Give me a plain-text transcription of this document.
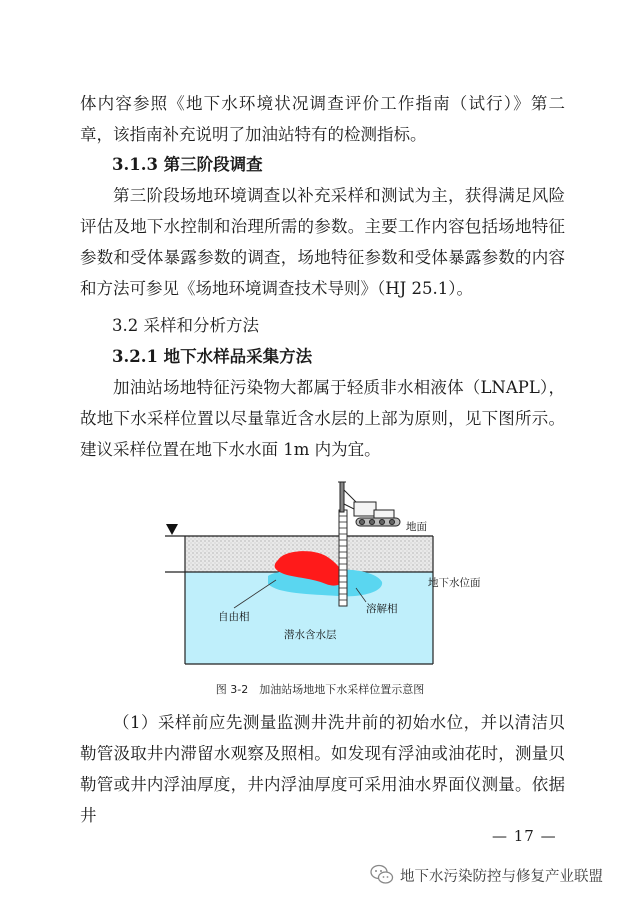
体内容参照《地下水环境状况调查评价工作指南（试行）》第二章，该指南补充说明了加油站特有的检测指标。

3.1.3 第三阶段调查

第三阶段场地环境调查以补充采样和测试为主，获得满足风险评估及地下水控制和治理所需的参数。主要工作内容包括场地特征参数和受体暴露参数的调查，场地特征参数和受体暴露参数的内容和方法可参见《场地环境调查技术导则》（HJ 25.1）。

3.2 采样和分析方法

3.2.1 地下水样品采集方法

加油站场地特征污染物大都属于轻质非水相液体（LNAPL），故地下水采样位置以尽量靠近含水层的上部为原则，见下图所示。建议采样位置在地下水水面 1m 内为宜。

地面
地下水位面
自由相
溶解相
潜水含水层
图 3-2　加油站场地地下水采样位置示意图

（1）采样前应先测量监测井洗井前的初始水位，并以清洁贝勒管汲取井内滞留水观察及照相。如发现有浮油或油花时，测量贝勒管或井内浮油厚度，井内浮油厚度可采用油水界面仪测量。依据井

— 17 —
地下水污染防控与修复产业联盟
